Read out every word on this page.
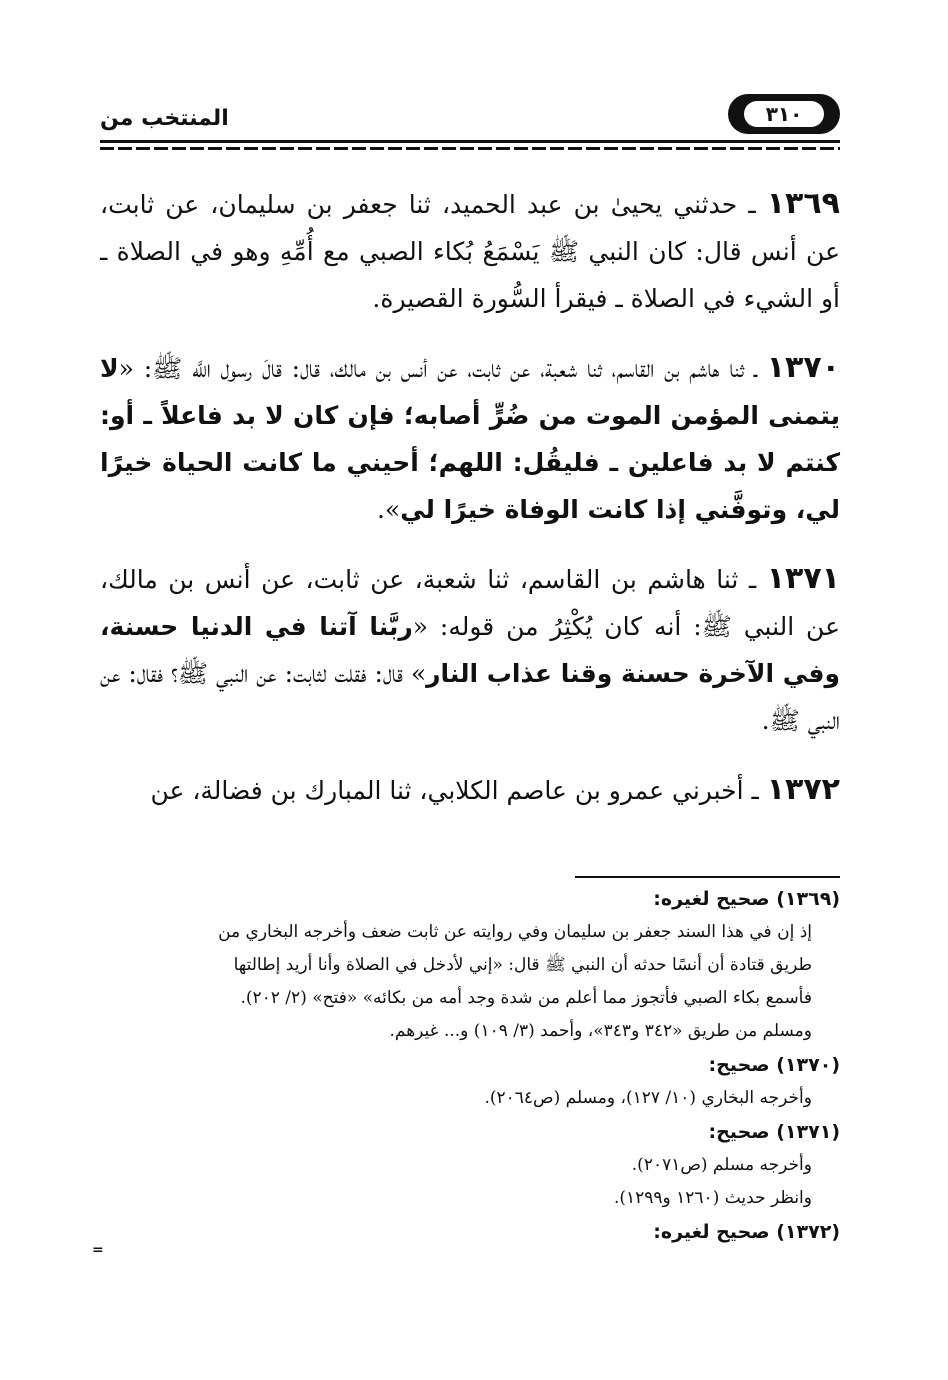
المنتخب من	٣١٠

١٣٦٩ ـ حدثني يحيىٰ بن عبد الحميد، ثنا جعفر بن سليمان، عن ثابت، عن أنس قال: كان النبي ﷺ يَسْمَعُ بُكاء الصبي مع أُمِّهِ وهو في الصلاة ـ أو الشيء في الصلاة ـ فيقرأ السُّورة القصيرة.

١٣٧٠ ـ ثنا هاشم بن القاسم، ثنا شعبة، عن ثابت، عن أنس بن مالك، قال: قالَ رسول اللَّه ﷺ: «لا يتمنى المؤمن الموت من ضُرٍّ أصابه؛ فإن كان لا بد فاعلاً ـ أو: كنتم لا بد فاعلين ـ فليقُل: اللهم؛ أحيني ما كانت الحياة خيرًا لي، وتوفَّني إذا كانت الوفاة خيرًا لي».

١٣٧١ ـ ثنا هاشم بن القاسم، ثنا شعبة، عن ثابت، عن أنس بن مالك، عن النبي ﷺ: أنه كان يُكْثِرُ من قوله: «ربَّنا آتنا في الدنيا حسنة، وفي الآخرة حسنة وقنا عذاب النار» قال: فقلت لثابت: عن النبي ﷺ؟ فقال: عن النبي ﷺ.

١٣٧٢ ـ أخبرني عمرو بن عاصم الكلابي، ثنا المبارك بن فضالة، عن

(١٣٦٩) صحيح لغيره:
إذ إن في هذا السند جعفر بن سليمان وفي روايته عن ثابت ضعف وأخرجه البخاري من
طريق قتادة أن أنسًا حدثه أن النبي ﷺ قال: «إني لأدخل في الصلاة وأنا أريد إطالتها
فأسمع بكاء الصبي فأتجوز مما أعلم من شدة وجد أمه من بكائه» «فتح» (٢/ ٢٠٢).
ومسلم من طريق «٣٤٢ و٣٤٣»، وأحمد (٣/ ١٠٩) و... غيرهم.
(١٣٧٠) صحيح:
وأخرجه البخاري (١٠/ ١٢٧)، ومسلم (ص٢٠٦٤).
(١٣٧١) صحيح:
وأخرجه مسلم (ص٢٠٧١).
وانظر حديث (١٢٦٠ و١٢٩٩).
(١٣٧٢) صحيح لغيره:
=
